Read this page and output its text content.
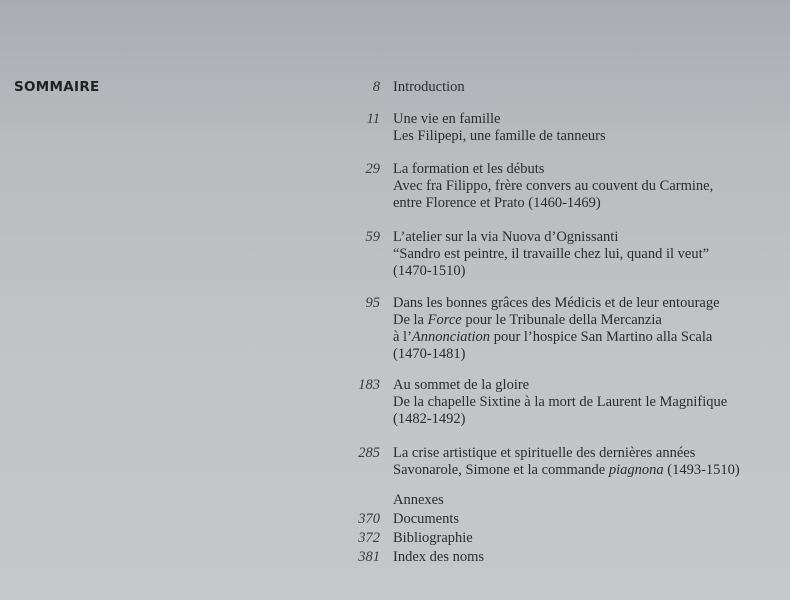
SOMMAIRE	8 Introduction
11 Une vie en famille
Les Filipepi, une famille de tanneurs
29 La formation et les débuts
Avec fra Filippo, frère convers au couvent du Carmine,
entre Florence et Prato (1460-1469)
59 L’atelier sur la via Nuova d’Ognissanti
“Sandro est peintre, il travaille chez lui, quand il veut”
(1470-1510)
95 Dans les bonnes grâces des Médicis et de leur entourage
De la Force pour le Tribunale della Mercanzia
à l’Annonciation pour l’hospice San Martino alla Scala
(1470-1481)
183 Au sommet de la gloire
De la chapelle Sixtine à la mort de Laurent le Magnifique
(1482-1492)
285 La crise artistique et spirituelle des dernières années
Savonarole, Simone et la commande piagnona (1493-1510)
Annexes
370 Documents
372 Bibliographie
381 Index des noms
